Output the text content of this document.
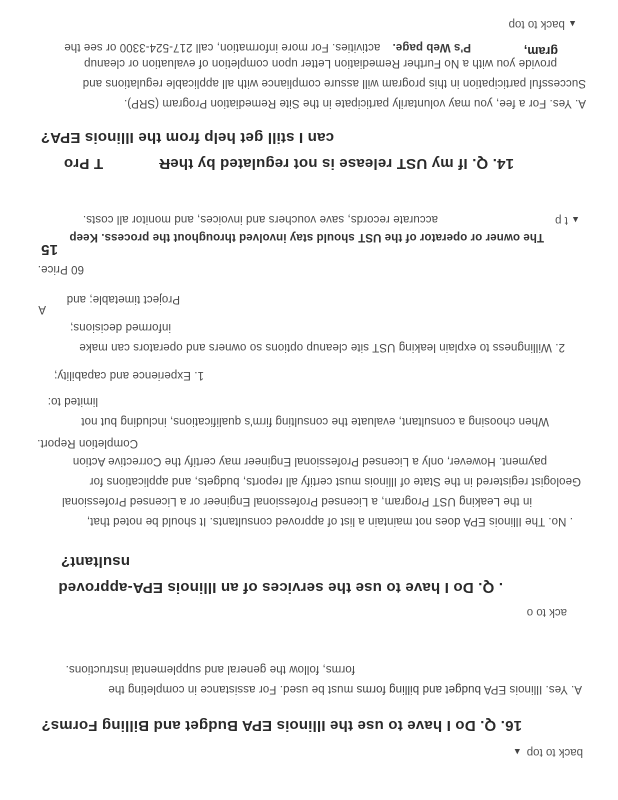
back to top▲
16. Q. Do I have to use the Illinois EPA Budget and Billing Forms?
A. Yes. Illinois EPA budget and billing forms must be used. For assistance in completing the
forms, follow the general and supplemental instructions.
ack to o
. Q. Do I have to use the services of an Illinois EPA-approved
nsultant?
. No. The Illinois EPA does not maintain a list of approved consultants. It should be noted that,
in the Leaking UST Program, a Licensed Professional Engineer or a Licensed Professional
Geologist registered in the State of Illinois must certify all reports, budgets, and applications for
payment. However, only a Licensed Professional Engineer may certify the Corrective Action
Completion Report.
When choosing a consultant, evaluate the consulting firm's qualifications, including but not
limited to:
1. Experience and capability;
2. Willingness to explain leaking UST site cleanup options so owners and operators can make
informed decisions;
A
Project timetable; and
60 Price.
15
The owner or operator of the UST should stay involved throughout the process. Keep
accurate records, save vouchers and invoices, and monitor all costs.	▲ t p
14. Q. If my UST release is not regulated by theRT Pro
can I still get help from the Illinois EPA?
A. Yes. For a fee, you may voluntarily participate in the Site Remediation Program (SRP).
Successful participation in this program will assure compliance with all applicable regulations and
provide you with a No Further Remediation Letter upon completion of evaluation or cleanup
P's Web page.activities. For more information, call 217-524-3300 or see the	gram,
▲ back to top
